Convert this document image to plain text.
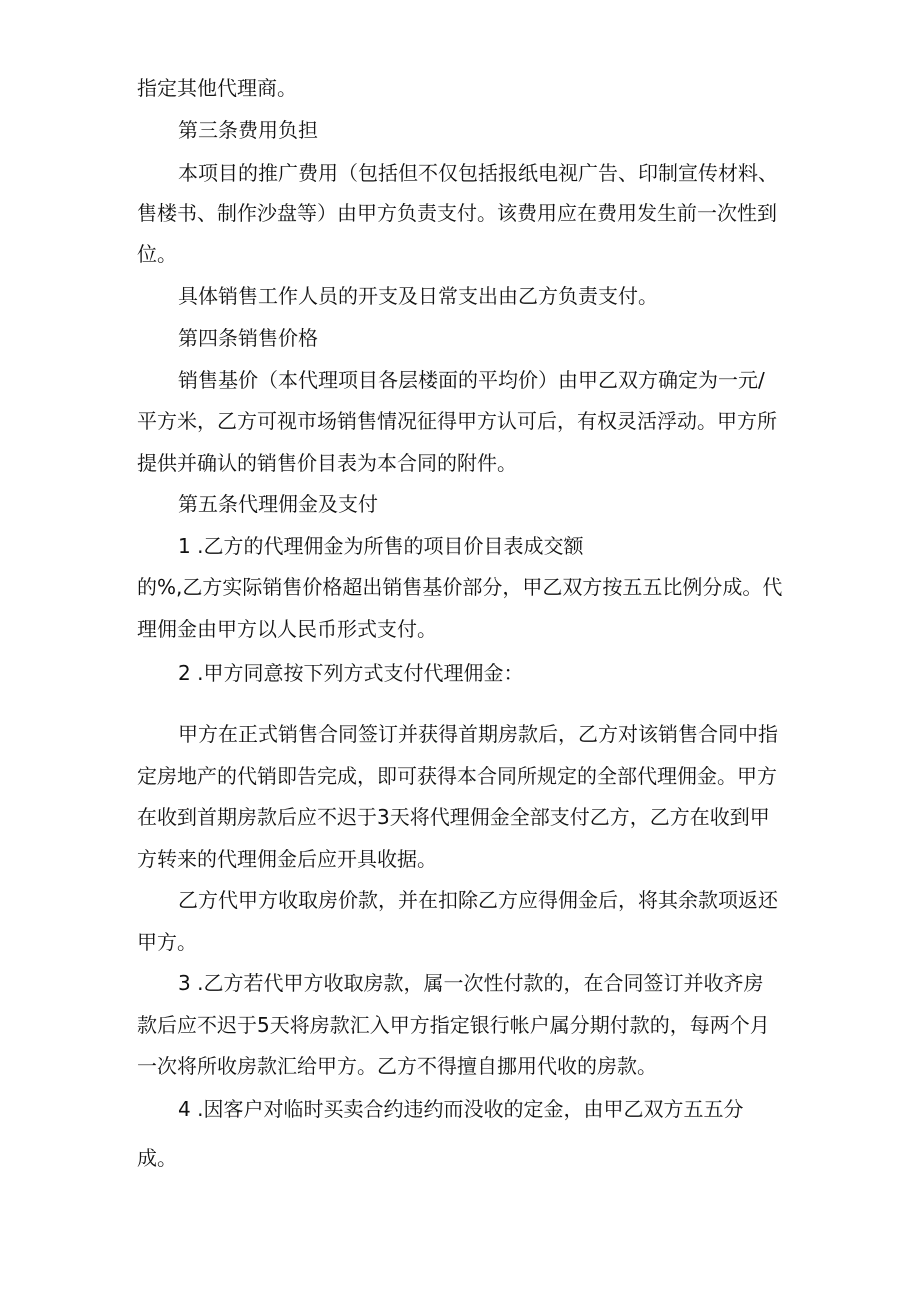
指定其他代理商。

第三条费用负担

本项目的推广费用（包括但不仅包括报纸电视广告、印制宣传材料、

售楼书、制作沙盘等）由甲方负责支付。该费用应在费用发生前一次性到

位。

具体销售工作人员的开支及日常支出由乙方负责支付。

第四条销售价格

销售基价（本代理项目各层楼面的平均价）由甲乙双方确定为一元/

平方米，乙方可视市场销售情况征得甲方认可后，有权灵活浮动。甲方所

提供并确认的销售价目表为本合同的附件。

第五条代理佣金及支付

1 .乙方的代理佣金为所售的项目价目表成交额

的%,乙方实际销售价格超出销售基价部分，甲乙双方按五五比例分成。代

理佣金由甲方以人民币形式支付。

2 .甲方同意按下列方式支付代理佣金：

甲方在正式销售合同签订并获得首期房款后，乙方对该销售合同中指

定房地产的代销即告完成，即可获得本合同所规定的全部代理佣金。甲方

在收到首期房款后应不迟于3天将代理佣金全部支付乙方，乙方在收到甲

方转来的代理佣金后应开具收据。

乙方代甲方收取房价款，并在扣除乙方应得佣金后，将其余款项返还

甲方。

3 .乙方若代甲方收取房款，属一次性付款的，在合同签订并收齐房

款后应不迟于5天将房款汇入甲方指定银行帐户属分期付款的，每两个月

一次将所收房款汇给甲方。乙方不得擅自挪用代收的房款。

4 .因客户对临时买卖合约违约而没收的定金，由甲乙双方五五分

成。
